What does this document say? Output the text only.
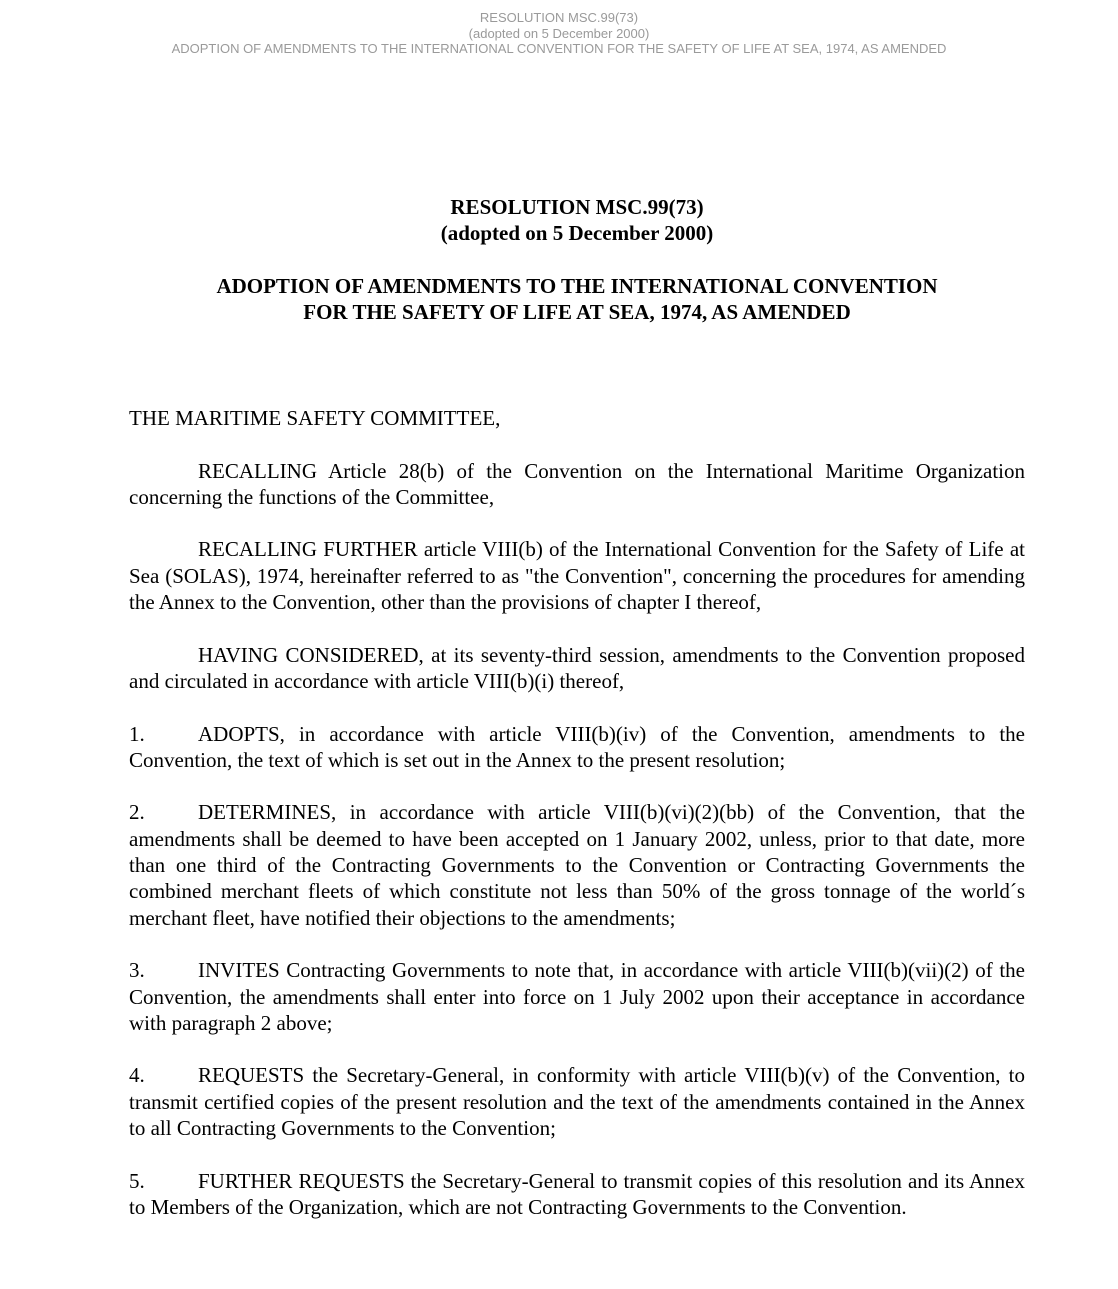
RESOLUTION MSC.99(73)
(adopted on 5 December 2000)
ADOPTION OF AMENDMENTS TO THE INTERNATIONAL CONVENTION FOR THE SAFETY OF LIFE AT SEA, 1974, AS AMENDED
RESOLUTION MSC.99(73)
(adopted on 5 December 2000)
ADOPTION OF AMENDMENTS TO THE INTERNATIONAL CONVENTION
FOR THE SAFETY OF LIFE AT SEA, 1974, AS AMENDED
THE MARITIME SAFETY COMMITTEE,

RECALLING Article 28(b) of the Convention on the International Maritime Organization concerning the functions of the Committee,

RECALLING FURTHER article VIII(b) of the International Convention for the Safety of Life at Sea (SOLAS), 1974, hereinafter referred to as "the Convention", concerning the procedures for amending the Annex to the Convention, other than the provisions of chapter I thereof,

HAVING CONSIDERED, at its seventy-third session, amendments to the Convention proposed and circulated in accordance with article VIII(b)(i) thereof,

1.	ADOPTS, in accordance with article VIII(b)(iv) of the Convention, amendments to the Convention, the text of which is set out in the Annex to the present resolution;

2.	DETERMINES, in accordance with article VIII(b)(vi)(2)(bb) of the Convention, that the amendments shall be deemed to have been accepted on 1 January 2002, unless, prior to that date, more than one third of the Contracting Governments to the Convention or Contracting Governments the combined merchant fleets of which constitute not less than 50% of the gross tonnage of the world´s merchant fleet, have notified their objections to the amendments;

3.	INVITES Contracting Governments to note that, in accordance with article VIII(b)(vii)(2) of the Convention, the amendments shall enter into force on 1 July 2002 upon their acceptance in accordance with paragraph 2 above;

4.	REQUESTS the Secretary-General, in conformity with article VIII(b)(v) of the Convention, to transmit certified copies of the present resolution and the text of the amendments contained in the Annex to all Contracting Governments to the Convention;

5.	FURTHER REQUESTS the Secretary-General to transmit copies of this resolution and its Annex to Members of the Organization, which are not Contracting Governments to the Convention.
